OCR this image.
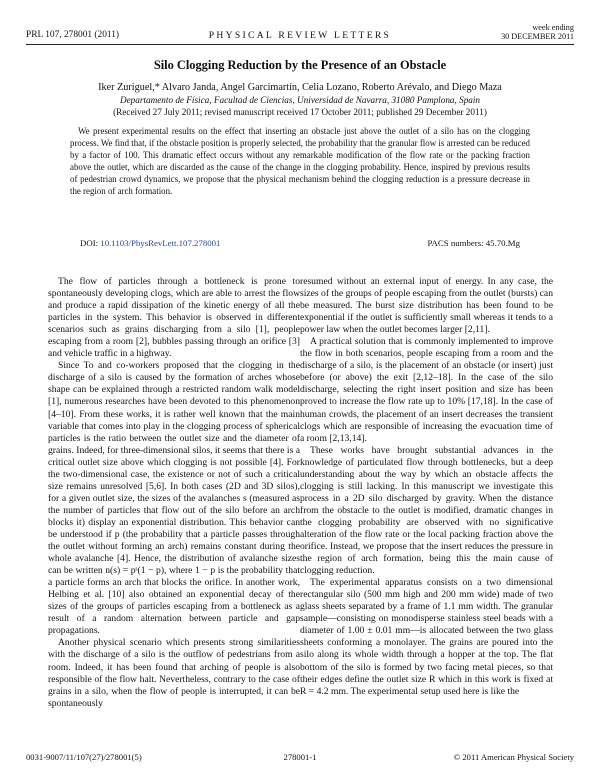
PRL 107, 278001 (2011)	PHYSICAL REVIEW LETTERS
week ending
30 DECEMBER 2011
Silo Clogging Reduction by the Presence of an Obstacle
Iker Zuriguel,* Alvaro Janda, Angel Garcimartín, Celia Lozano, Roberto Arévalo, and Diego Maza
Departamento de Física, Facultad de Ciencias, Universidad de Navarra, 31080 Pamplona, Spain
(Received 27 July 2011; revised manuscript received 17 October 2011; published 29 December 2011)

We present experimental results on the effect that inserting an obstacle just above the outlet of a silo has on the clogging process. We find that, if the obstacle position is properly selected, the probability that the granular flow is arrested can be reduced by a factor of 100. This dramatic effect occurs without any remarkable modification of the flow rate or the packing fraction above the outlet, which are discarded as the cause of the change in the clogging probability. Hence, inspired by previous results of pedestrian crowd dynamics, we propose that the physical mechanism behind the clogging reduction is a pressure decrease in the region of arch formation.

DOI: 10.1103/PhysRevLett.107.278001	PACS numbers: 45.70.Mg

The flow of particles through a bottleneck is prone to spontaneously developing clogs, which are able to arrest the flow and produce a rapid dissipation of the kinetic energy of all the particles in the system. This behavior is observed in different scenarios such as grains discharging from a silo [1], people escaping from a room [2], bubbles passing through an orifice [3] and vehicle traffic in a highway.

Since To and co-workers proposed that the clogging in the discharge of a silo is caused by the formation of arches whose shape can be explained through a restricted random walk model [1], numerous researches have been devoted to this phenomenon [4–10]. From these works, it is rather well known that the main variable that comes into play in the clogging process of spherical particles is the ratio between the outlet size and the diameter of grains. Indeed, for three-dimensional silos, it seems that there is a critical outlet size above which clogging is not possible [4]. For the two-dimensional case, the existence or not of such a critical size remains unresolved [5,6]. In both cases (2D and 3D silos), for a given outlet size, the sizes of the avalanches s (measured as the number of particles that flow out of the silo before an arch blocks it) display an exponential distribution. This behavior can be understood if p (the probability that a particle passes through the outlet without forming an arch) remains constant during the whole avalanche [4]. Hence, the distribution of avalanche sizes can be written n(s) = pˢ(1 − p), where 1 − p is the probability that a particle forms an arch that blocks the orifice. In another work, Helbing et al. [10] also obtained an exponential decay of the sizes of the groups of particles escaping from a bottleneck as a result of a random alternation between particle and gap propagations.

Another physical scenario which presents strong similarities with the discharge of a silo is the outflow of pedestrians from a room. Indeed, it has been found that arching of people is also responsible of the flow halt. Nevertheless, contrary to the case of grains in a silo, when the flow of people is interrupted, it can be spontaneously

resumed without an external input of energy. In any case, the sizes of the groups of people escaping from the outlet (bursts) can be measured. The burst size distribution has been found to be exponential if the outlet is sufficiently small whereas it tends to a power law when the outlet becomes larger [2,11].

A practical solution that is commonly implemented to improve the flow in both scenarios, people escaping from a room and the discharge of a silo, is the placement of an obstacle (or insert) just before (or above) the exit [2,12–18]. In the case of the silo discharge, selecting the right insert position and size has been proved to increase the flow rate up to 10% [17,18]. In the case of human crowds, the placement of an insert decreases the transient clogs which are responsible of increasing the evacuation time of a room [2,13,14].

These works have brought substantial advances in the knowledge of particulated flow through bottlenecks, but a deep understanding about the way by which an obstacle affects the clogging is still lacking. In this manuscript we investigate this process in a 2D silo discharged by gravity. When the distance from the obstacle to the outlet is modified, dramatic changes in the clogging probability are observed with no significative alteration of the flow rate or the local packing fraction above the orifice. Instead, we propose that the insert reduces the pressure in the region of arch formation, being this the main cause of clogging reduction.

The experimental apparatus consists on a two dimensional rectangular silo (500 mm high and 200 mm wide) made of two glass sheets separated by a frame of 1.1 mm width. The granular sample—consisting on monodisperse stainless steel beads with a diameter of 1.00 ± 0.01 mm—is allocated between the two glass sheets conforming a monolayer. The grains are poured into the silo along its whole width through a hopper at the top. The flat bottom of the silo is formed by two facing metal pieces, so that their edges define the outlet size R which in this work is fixed at R = 4.2 mm. The experimental setup used here is like the

0031-9007/11/107(27)/278001(5)	278001-1	© 2011 American Physical Society
